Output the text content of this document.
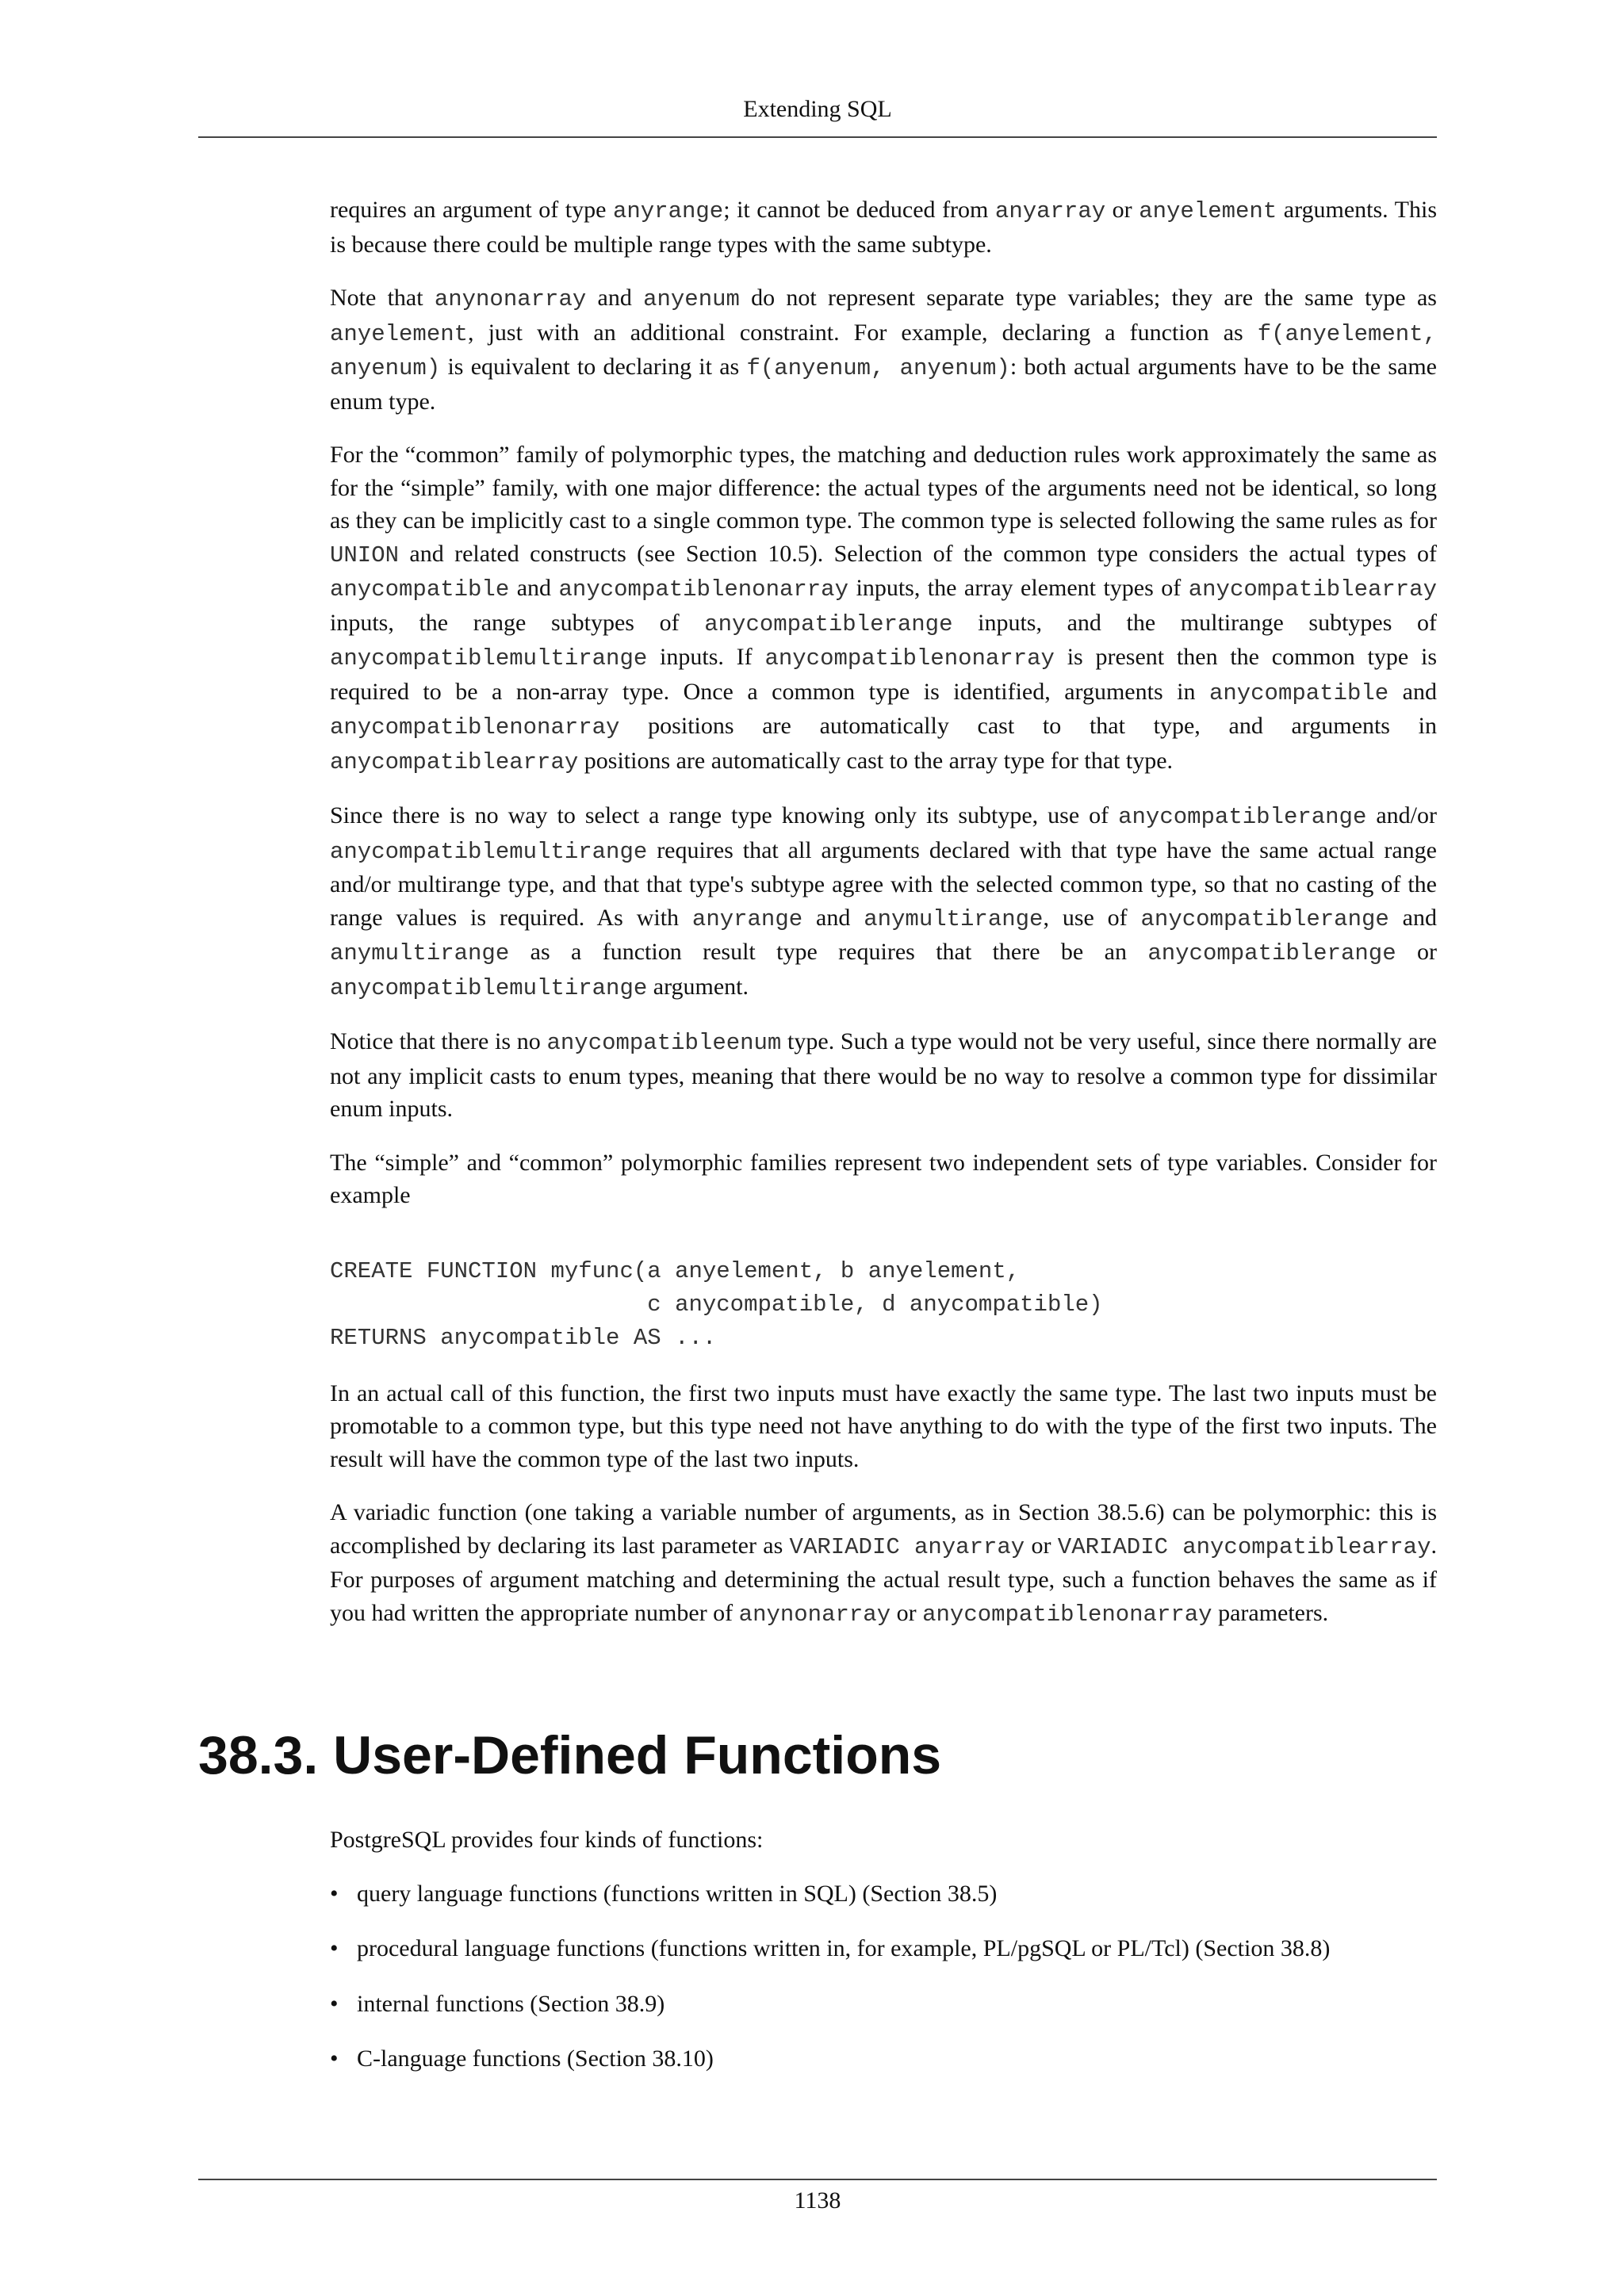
Extending SQL

requires an argument of type anyrange; it cannot be deduced from anyarray or anyelement arguments. This is because there could be multiple range types with the same subtype.

Note that anynonarray and anyenum do not represent separate type variables; they are the same type as anyelement, just with an additional constraint. For example, declaring a function as f(anyelement, anyenum) is equivalent to declaring it as f(anyenum, anyenum): both actual arguments have to be the same enum type.

For the “common” family of polymorphic types, the matching and deduction rules work approximately the same as for the “simple” family, with one major difference: the actual types of the arguments need not be identical, so long as they can be implicitly cast to a single common type. The common type is selected following the same rules as for UNION and related constructs (see Section 10.5). Selection of the common type considers the actual types of anycompatible and anycompatiblenonarray inputs, the array element types of anycompatiblearray inputs, the range subtypes of anycompatiblerange inputs, and the multirange subtypes of anycompatiblemultirange inputs. If anycompatiblenonarray is present then the common type is required to be a non-array type. Once a common type is identified, arguments in anycompatible and anycompatiblenonarray positions are automatically cast to that type, and arguments in anycompatiblearray positions are automatically cast to the array type for that type.

Since there is no way to select a range type knowing only its subtype, use of anycompatiblerange and/or anycompatiblemultirange requires that all arguments declared with that type have the same actual range and/or multirange type, and that that type's subtype agree with the selected common type, so that no casting of the range values is required. As with anyrange and anymultirange, use of anycompatiblerange and anymultirange as a function result type requires that there be an anycompatiblerange or anycompatiblemultirange argument.

Notice that there is no anycompatibleenum type. Such a type would not be very useful, since there normally are not any implicit casts to enum types, meaning that there would be no way to resolve a common type for dissimilar enum inputs.

The “simple” and “common” polymorphic families represent two independent sets of type variables. Consider for example

CREATE FUNCTION myfunc(a anyelement, b anyelement,
c anycompatible, d anycompatible)
RETURNS anycompatible AS ...

In an actual call of this function, the first two inputs must have exactly the same type. The last two inputs must be promotable to a common type, but this type need not have anything to do with the type of the first two inputs. The result will have the common type of the last two inputs.

A variadic function (one taking a variable number of arguments, as in Section 38.5.6) can be polymorphic: this is accomplished by declaring its last parameter as VARIADIC anyarray or VARIADIC anycompatiblearray. For purposes of argument matching and determining the actual result type, such a function behaves the same as if you had written the appropriate number of anynonarray or anycompatiblenonarray parameters.

38.3. User-Defined Functions

PostgreSQL provides four kinds of functions:

• query language functions (functions written in SQL) (Section 38.5)
• procedural language functions (functions written in, for example, PL/pgSQL or PL/Tcl) (Section 38.8)
• internal functions (Section 38.9)
• C-language functions (Section 38.10)
1138
